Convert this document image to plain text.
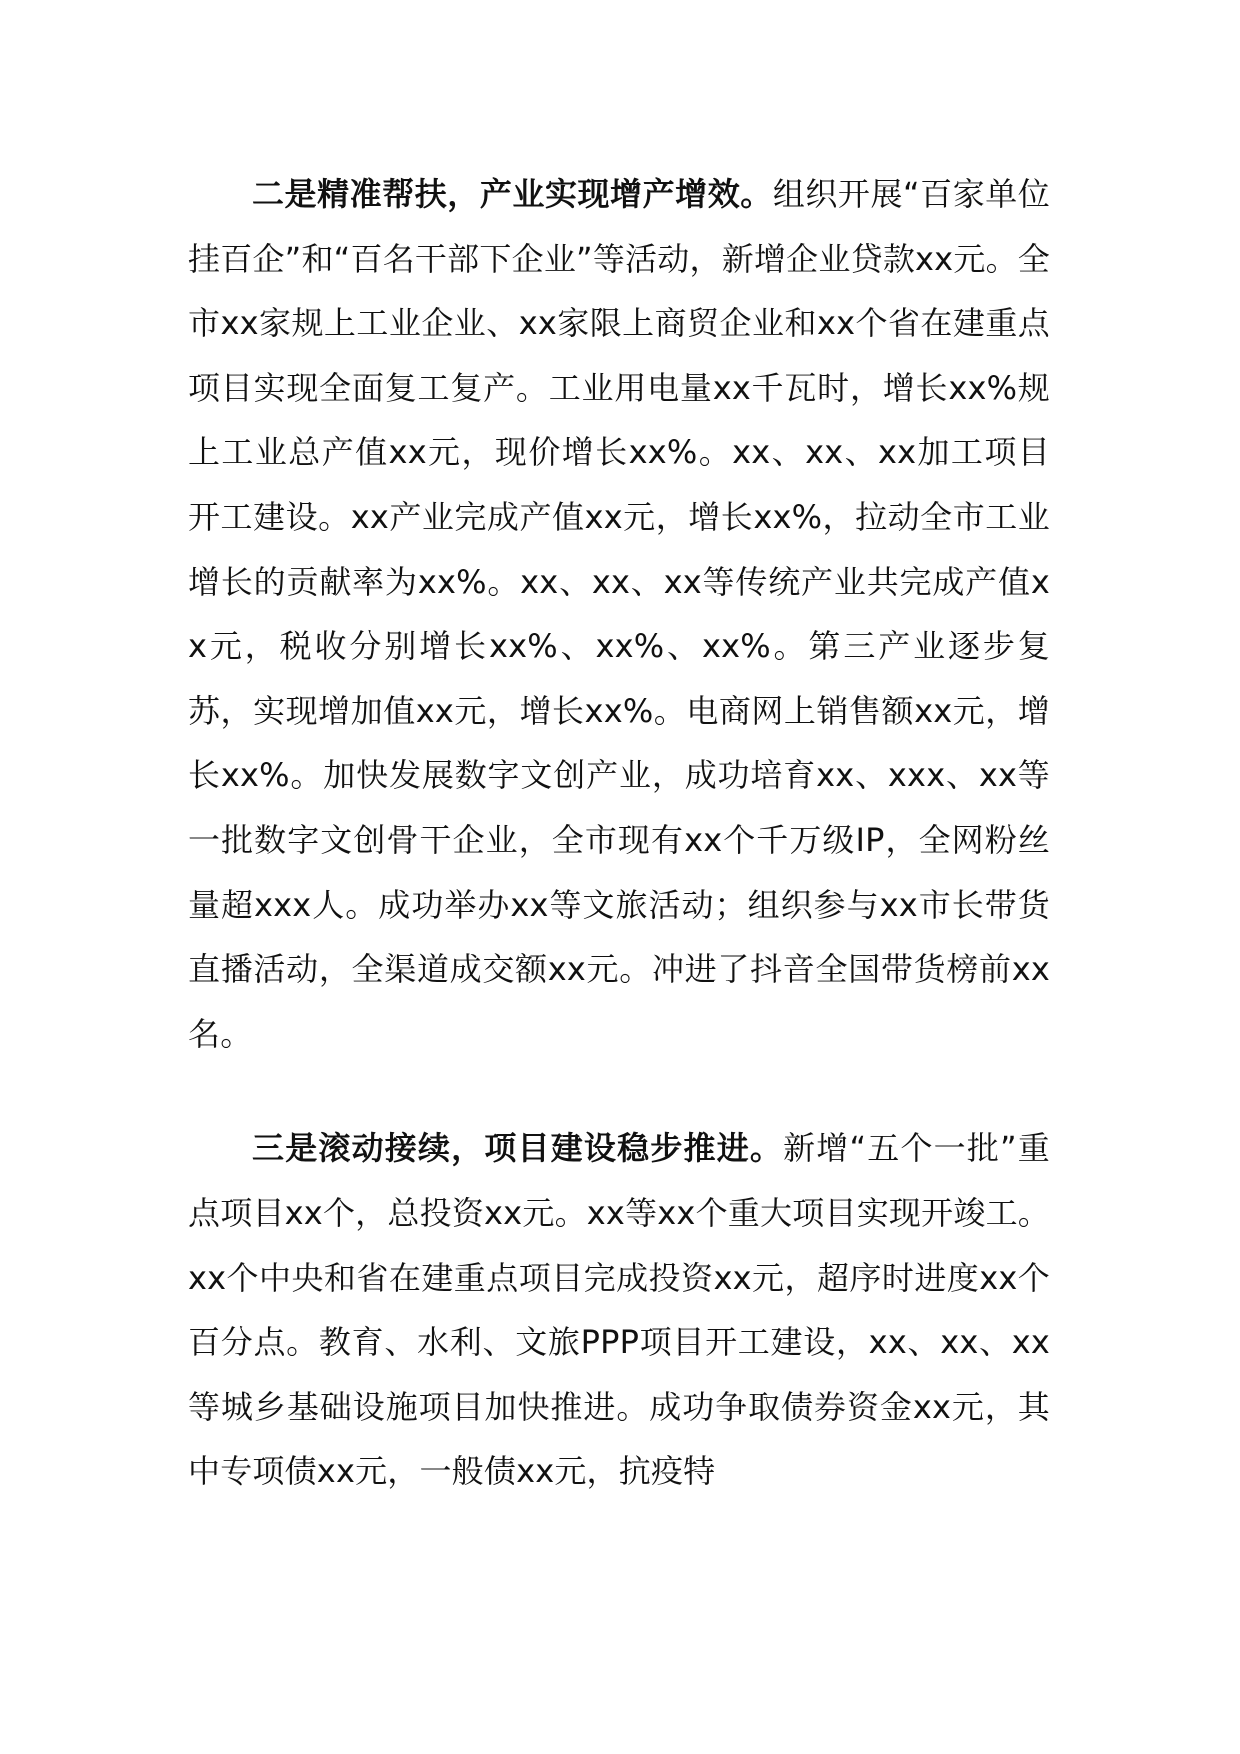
二是精准帮扶，产业实现增产增效。组织开展“百家单位挂百企”和“百名干部下企业”等活动，新增企业贷款xx元。全市xx家规上工业企业、xx家限上商贸企业和xx个省在建重点项目实现全面复工复产。工业用电量xx千瓦时，增长xx%规上工业总产值xx元，现价增长xx%。xx、xx、xx加工项目开工建设。xx产业完成产值xx元，增长xx%，拉动全市工业增长的贡献率为xx%。xx、xx、xx等传统产业共完成产值xx元，税收分别增长xx%、xx%、xx%。第三产业逐步复苏，实现增加值xx元，增长xx%。电商网上销售额xx元，增长xx%。加快发展数字文创产业，成功培育xx、xxx、xx等一批数字文创骨干企业，全市现有xx个千万级IP，全网粉丝量超xxx人。成功举办xx等文旅活动；组织参与xx市长带货直播活动，全渠道成交额xx元。冲进了抖音全国带货榜前xx名。

三是滚动接续，项目建设稳步推进。新增“五个一批”重点项目xx个，总投资xx元。xx等xx个重大项目实现开竣工。xx个中央和省在建重点项目完成投资xx元，超序时进度xx个百分点。教育、水利、文旅PPP项目开工建设，xx、xx、xx等城乡基础设施项目加快推进。成功争取债券资金xx元，其中专项债xx元，一般债xx元，抗疫特
